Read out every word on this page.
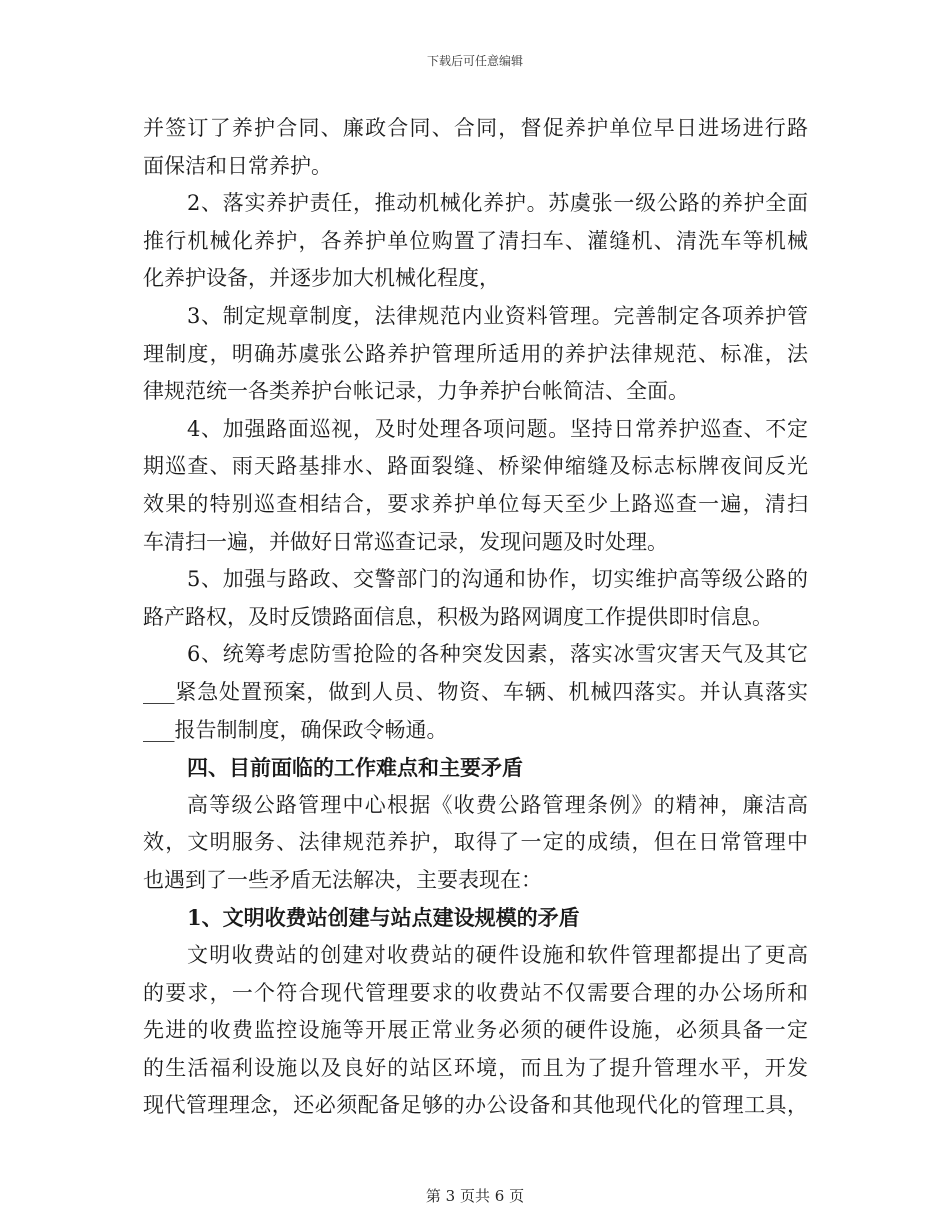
下载后可任意编辑
并签订了养护合同、廉政合同、合同，督促养护单位早日进场进行路
面保洁和日常养护。
2、落实养护责任，推动机械化养护。苏虞张一级公路的养护全面
推行机械化养护，各养护单位购置了清扫车、灌缝机、清洗车等机械
化养护设备，并逐步加大机械化程度，
3、制定规章制度，法律规范内业资料管理。完善制定各项养护管
理制度，明确苏虞张公路养护管理所适用的养护法律规范、标准，法
律规范统一各类养护台帐记录，力争养护台帐简洁、全面。
4、加强路面巡视，及时处理各项问题。坚持日常养护巡查、不定
期巡查、雨天路基排水、路面裂缝、桥梁伸缩缝及标志标牌夜间反光
效果的特别巡查相结合，要求养护单位每天至少上路巡查一遍，清扫
车清扫一遍，并做好日常巡查记录，发现问题及时处理。
5、加强与路政、交警部门的沟通和协作，切实维护高等级公路的
路产路权，及时反馈路面信息，积极为路网调度工作提供即时信息。
6、统筹考虑防雪抢险的各种突发因素，落实冰雪灾害天气及其它
___紧急处置预案，做到人员、物资、车辆、机械四落实。并认真落实
___报告制制度，确保政令畅通。
四、目前面临的工作难点和主要矛盾
高等级公路管理中心根据《收费公路管理条例》的精神，廉洁高
效，文明服务、法律规范养护，取得了一定的成绩，但在日常管理中
也遇到了一些矛盾无法解决，主要表现在：
1、文明收费站创建与站点建设规模的矛盾
文明收费站的创建对收费站的硬件设施和软件管理都提出了更高
的要求，一个符合现代管理要求的收费站不仅需要合理的办公场所和
先进的收费监控设施等开展正常业务必须的硬件设施，必须具备一定
的生活福利设施以及良好的站区环境，而且为了提升管理水平，开发
现代管理理念，还必须配备足够的办公设备和其他现代化的管理工具，
第 3 页共 6 页
